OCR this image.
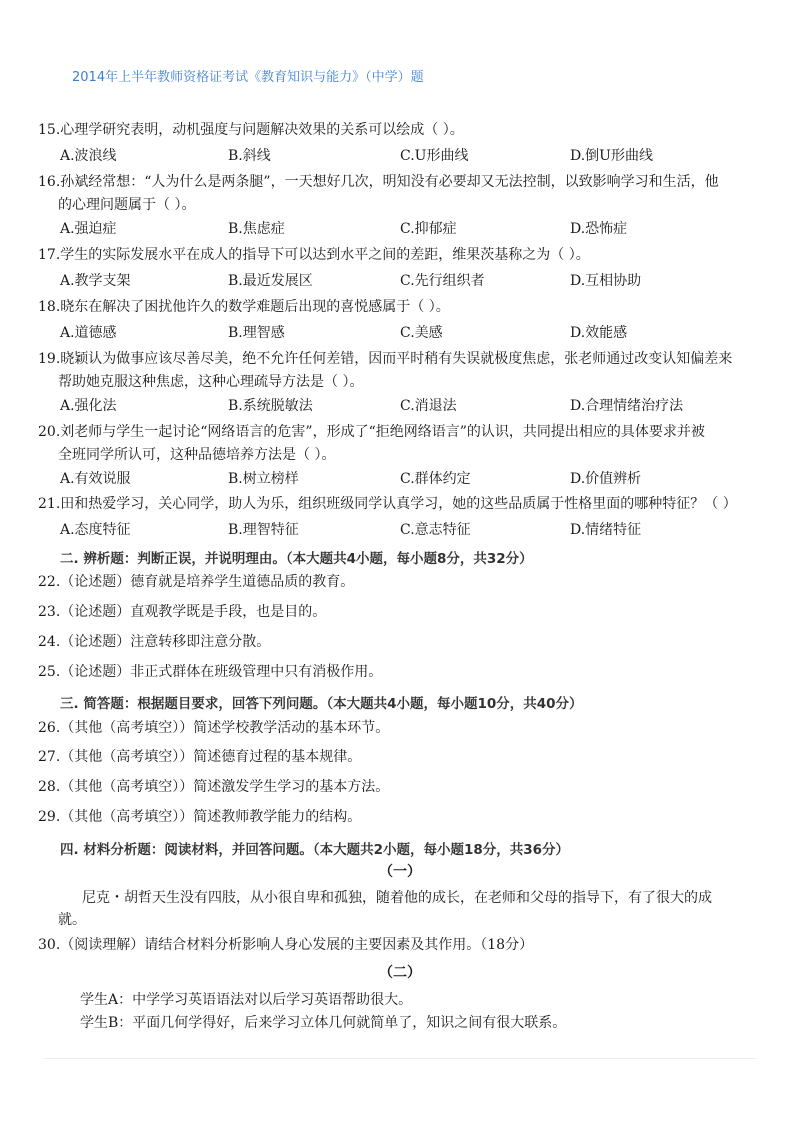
2014年上半年教师资格证考试《教育知识与能力》（中学）题
15.心理学研究表明，动机强度与问题解决效果的关系可以绘成（ ）。
A.波浪线	B.斜线	C.U形曲线	D.倒U形曲线
16.孙斌经常想：“人为什么是两条腿”，一天想好几次，明知没有必要却又无法控制，以致影响学习和生活，他
的心理问题属于（ ）。
A.强迫症	B.焦虑症	C.抑郁症	D.恐怖症
17.学生的实际发展水平在成人的指导下可以达到水平之间的差距，维果茨基称之为（ ）。
A.教学支架	B.最近发展区	C.先行组织者	D.互相协助
18.晓东在解决了困扰他许久的数学难题后出现的喜悦感属于（ ）。
A.道德感	B.理智感	C.美感	D.效能感
19.晓颖认为做事应该尽善尽美，绝不允许任何差错，因而平时稍有失误就极度焦虑，张老师通过改变认知偏差来
帮助她克服这种焦虑，这种心理疏导方法是（ ）。
A.强化法	B.系统脱敏法	C.消退法	D.合理情绪治疗法
20.刘老师与学生一起讨论“网络语言的危害”，形成了“拒绝网络语言”的认识，共同提出相应的具体要求并被
全班同学所认可，这种品德培养方法是（ ）。
A.有效说服	B.树立榜样	C.群体约定	D.价值辨析
21.田和热爱学习，关心同学，助人为乐，组织班级同学认真学习，她的这些品质属于性格里面的哪种特征？（ ）
A.态度特征	B.理智特征	C.意志特征	D.情绪特征
二. 辨析题：判断正误，并说明理由。（本大题共4小题，每小题8分，共32分）
22.（论述题）德育就是培养学生道德品质的教育。
23.（论述题）直观教学既是手段，也是目的。
24.（论述题）注意转移即注意分散。
25.（论述题）非正式群体在班级管理中只有消极作用。
三. 简答题：根据题目要求，回答下列问题。（本大题共4小题，每小题10分，共40分）
26.（其他（高考填空））简述学校教学活动的基本环节。
27.（其他（高考填空））简述德育过程的基本规律。
28.（其他（高考填空））简述激发学生学习的基本方法。
29.（其他（高考填空））简述教师教学能力的结构。
四. 材料分析题：阅读材料，并回答问题。（本大题共2小题，每小题18分，共36分）
（一）
尼克・胡哲天生没有四肢，从小很自卑和孤独，随着他的成长，在老师和父母的指导下，有了很大的成
就。
30.（阅读理解）请结合材料分析影响人身心发展的主要因素及其作用。（18分）
（二）
学生A：中学学习英语语法对以后学习英语帮助很大。
学生B：平面几何学得好，后来学习立体几何就简单了，知识之间有很大联系。
